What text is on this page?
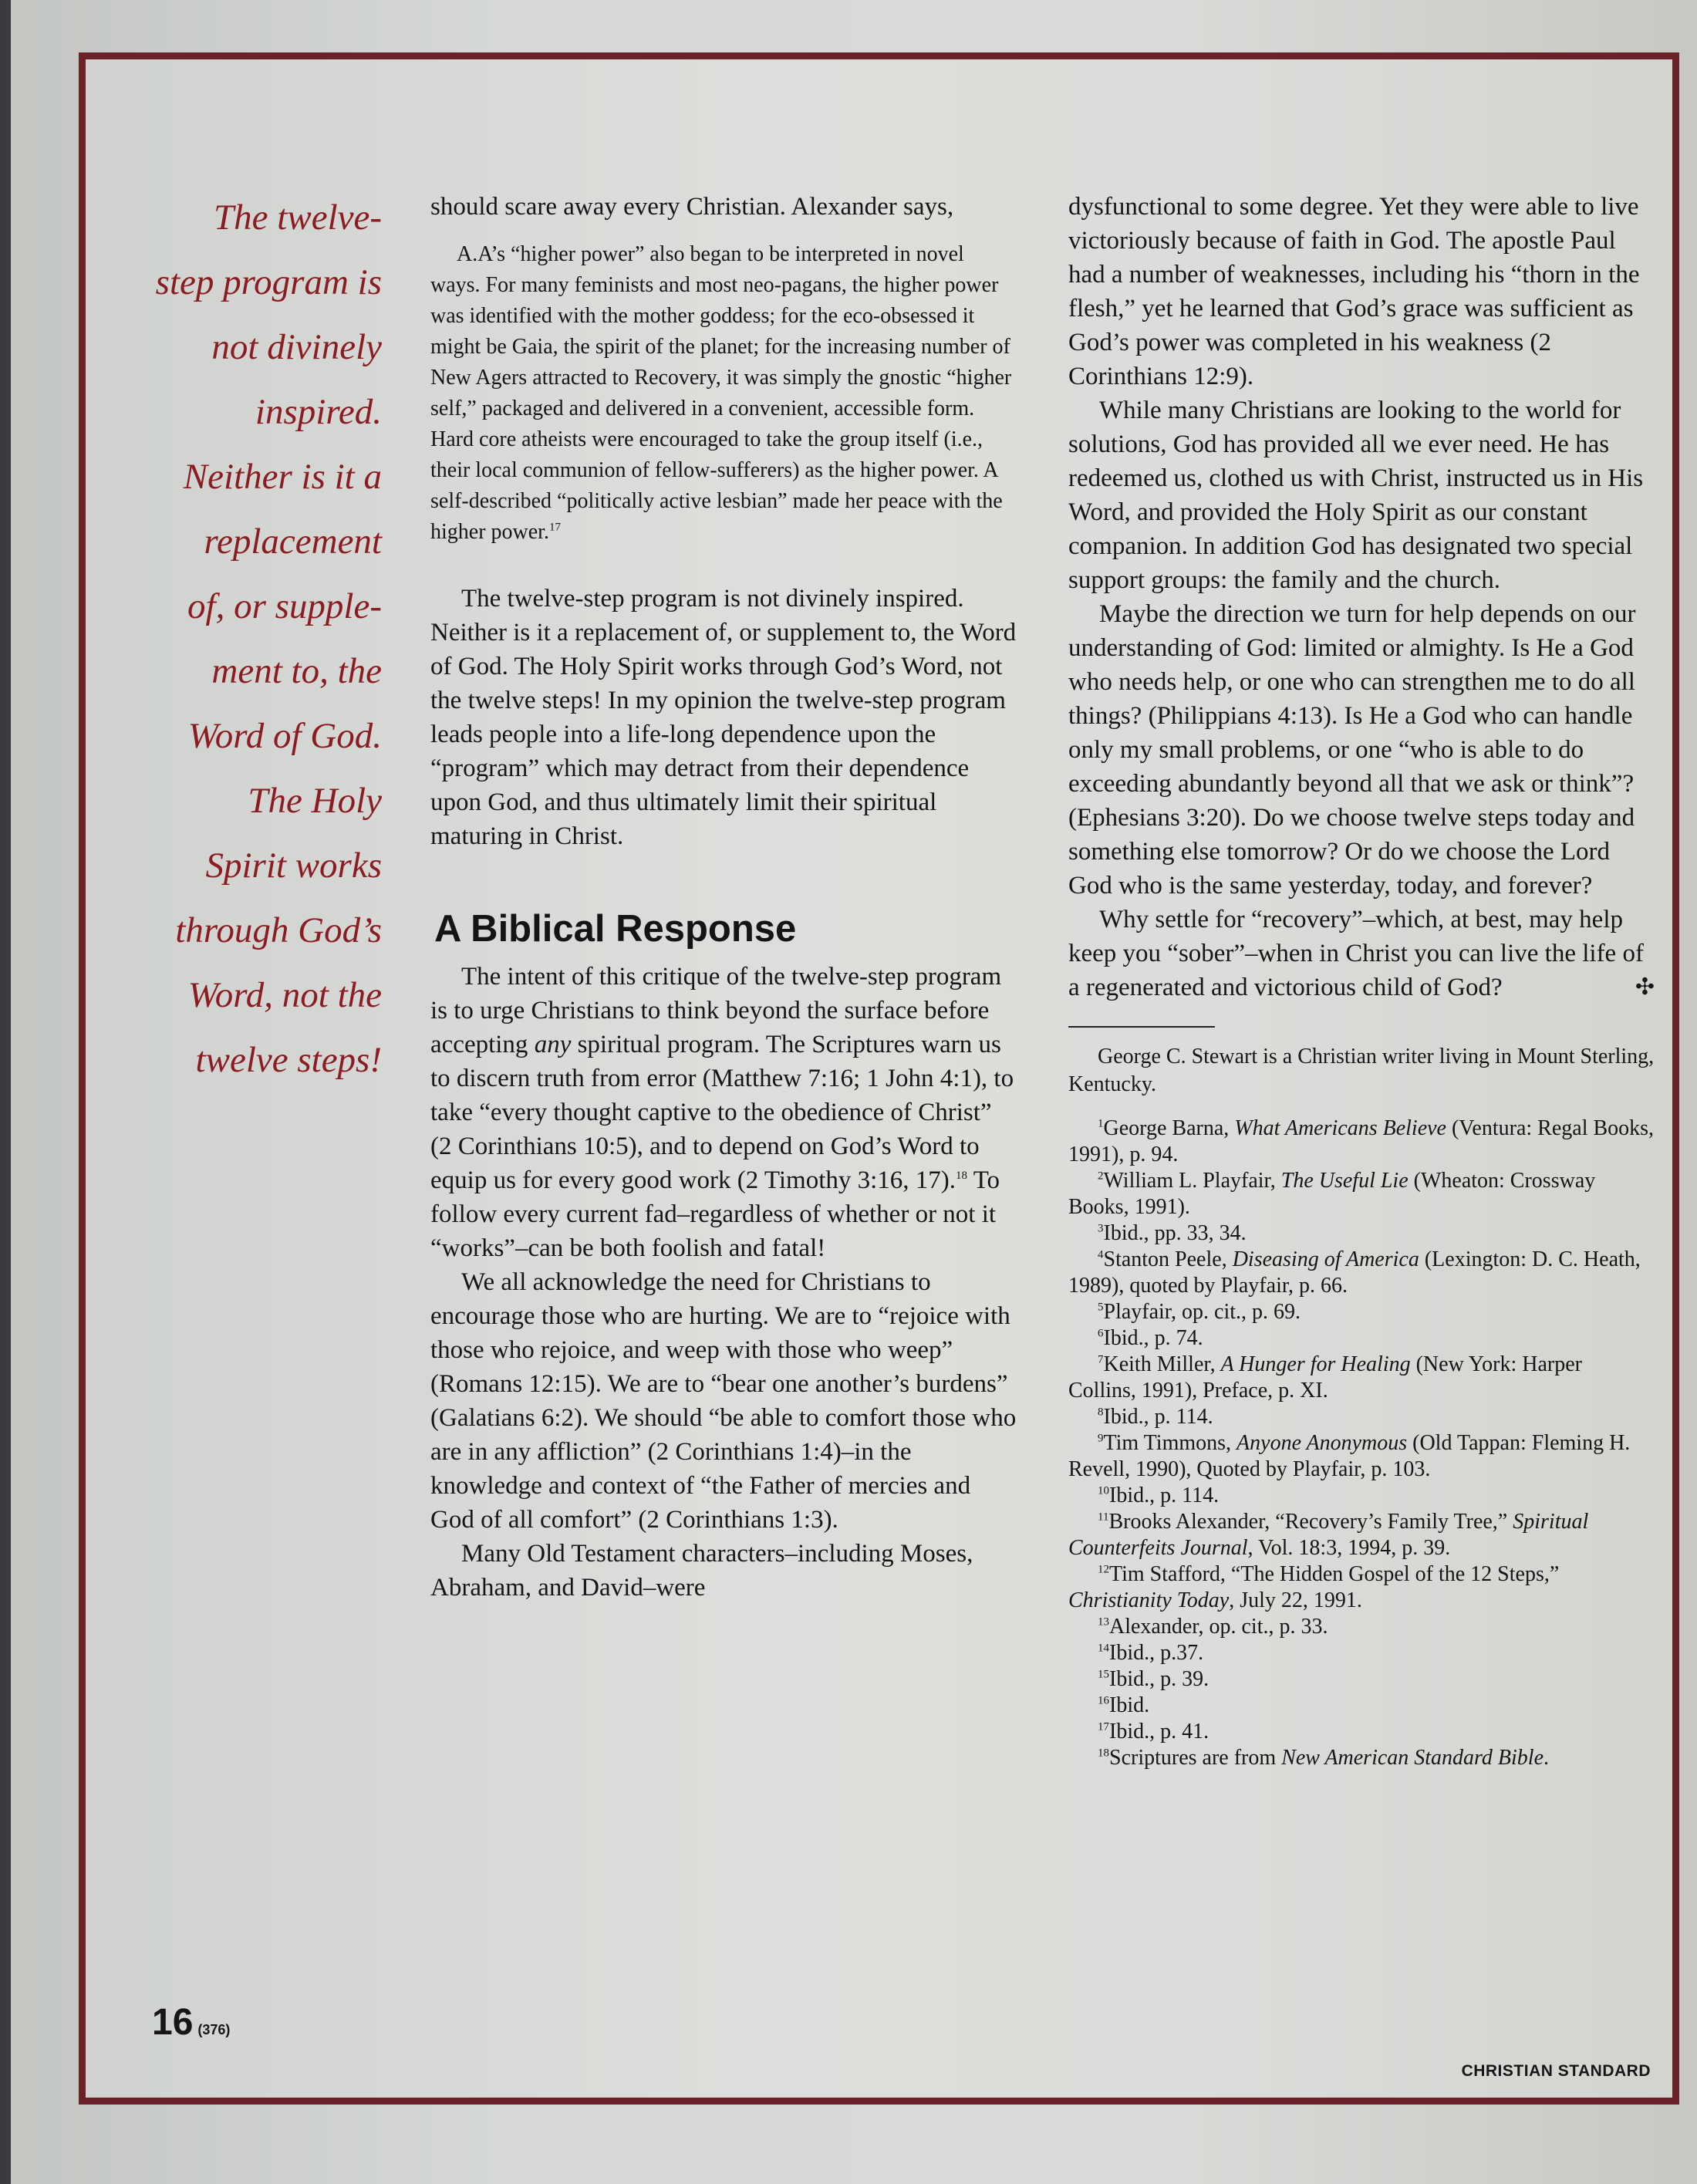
The twelve-
step program is
not divinely
inspired.
Neither is it a
replacement
of, or supple-
ment to, the
Word of God.
The Holy
Spirit works
through God’s
Word, not the
twelve steps!

should scare away every Christian. Alexander says,

A.A’s “higher power” also began to be interpreted in novel ways. For many feminists and most neo-pagans, the higher power was identified with the mother goddess; for the eco-obsessed it might be Gaia, the spirit of the planet; for the increasing number of New Agers attracted to Recovery, it was simply the gnostic “higher self,” packaged and delivered in a convenient, accessible form. Hard core atheists were encouraged to take the group itself (i.e., their local communion of fellow-sufferers) as the higher power. A self-described “politically active lesbian” made her peace with the higher power.$^{17}$

The twelve-step program is not divinely inspired. Neither is it a replacement of, or supplement to, the Word of God. The Holy Spirit works through God’s Word, not the twelve steps! In my opinion the twelve-step program leads people into a life-long dependence upon the “program” which may detract from their dependence upon God, and thus ultimately limit their spiritual maturing in Christ.

A Biblical Response

The intent of this critique of the twelve-step program is to urge Christians to think beyond the surface before accepting any spiritual program. The Scriptures warn us to discern truth from error (Matthew 7:16; 1 John 4:1), to take “every thought captive to the obedience of Christ” (2 Corinthians 10:5), and to depend on God’s Word to equip us for every good work (2 Timothy 3:16, 17).$^{18}$ To follow every current fad–regardless of whether or not it “works”–can be both foolish and fatal!

We all acknowledge the need for Christians to encourage those who are hurting. We are to “rejoice with those who rejoice, and weep with those who weep” (Romans 12:15). We are to “bear one another’s burdens” (Galatians 6:2). We should “be able to comfort those who are in any affliction” (2 Corinthians 1:4)–in the knowledge and context of “the Father of mercies and God of all comfort” (2 Corinthians 1:3).

Many Old Testament characters–including Moses, Abraham, and David–were

dysfunctional to some degree. Yet they were able to live victoriously because of faith in God. The apostle Paul had a number of weaknesses, including his “thorn in the flesh,” yet he learned that God’s grace was sufficient as God’s power was completed in his weakness (2 Corinthians 12:9).

While many Christians are looking to the world for solutions, God has provided all we ever need. He has redeemed us, clothed us with Christ, instructed us in His Word, and provided the Holy Spirit as our constant companion. In addition God has designated two special support groups: the family and the church.

Maybe the direction we turn for help depends on our understanding of God: limited or almighty. Is He a God who needs help, or one who can strengthen me to do all things? (Philippians 4:13). Is He a God who can handle only my small problems, or one “who is able to do exceeding abundantly beyond all that we ask or think”? (Ephesians 3:20). Do we choose twelve steps today and something else tomorrow? Or do we choose the Lord God who is the same yesterday, today, and forever?

Why settle for “recovery”–which, at best, may help keep you “sober”–when in Christ you can live the life of a regenerated and victorious child of God?	✣

George C. Stewart is a Christian writer living in Mount Sterling, Kentucky.

$^1$George Barna, What Americans Believe (Ventura: Regal Books, 1991), p. 94.

$^2$William L. Playfair, The Useful Lie (Wheaton: Crossway Books, 1991).

$^3$Ibid., pp. 33, 34.

$^4$Stanton Peele, Diseasing of America (Lexington: D. C. Heath, 1989), quoted by Playfair, p. 66.

$^5$Playfair, op. cit., p. 69.

$^6$Ibid., p. 74.

$^7$Keith Miller, A Hunger for Healing (New York: Harper Collins, 1991), Preface, p. XI.

$^8$Ibid., p. 114.

$^9$Tim Timmons, Anyone Anonymous (Old Tappan: Fleming H. Revell, 1990), Quoted by Playfair, p. 103.

$^{10}$Ibid., p. 114.

$^{11}$Brooks Alexander, “Recovery’s Family Tree,” Spiritual Counterfeits Journal, Vol. 18:3, 1994, p. 39.

$^{12}$Tim Stafford, “The Hidden Gospel of the 12 Steps,” Christianity Today, July 22, 1991.

$^{13}$Alexander, op. cit., p. 33.

$^{14}$Ibid., p.37.

$^{15}$Ibid., p. 39.

$^{16}$Ibid.

$^{17}$Ibid., p. 41.

$^{18}$Scriptures are from New American Standard Bible.

16 (376)
CHRISTIAN STANDARD
